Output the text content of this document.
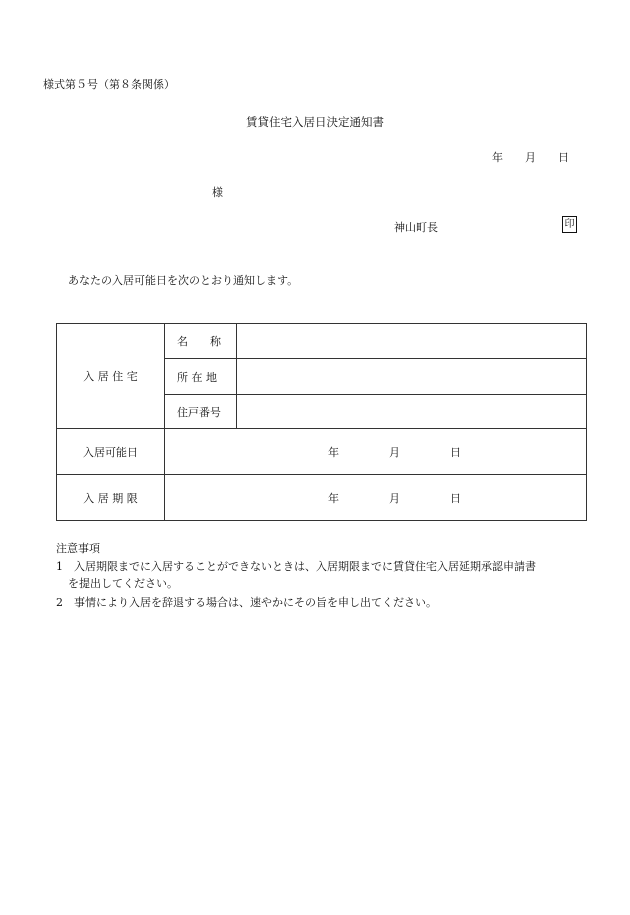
様式第５号（第８条関係）
賃貸住宅入居日決定通知書
年 月 日
様
神山町長	印
あなたの入居可能日を次のとおり通知します。
入 居 住 宅	名　　称	
	所 在 地	
	住戸番号	
入居可能日	年 月 日	

入 居 期 限	年 月 日	
注意事項
1 入居期限までに入居することができないときは、入居期限までに賃貸住宅入居延期承認申請書
を提出してください。
2 事情により入居を辞退する場合は、速やかにその旨を申し出てください。
